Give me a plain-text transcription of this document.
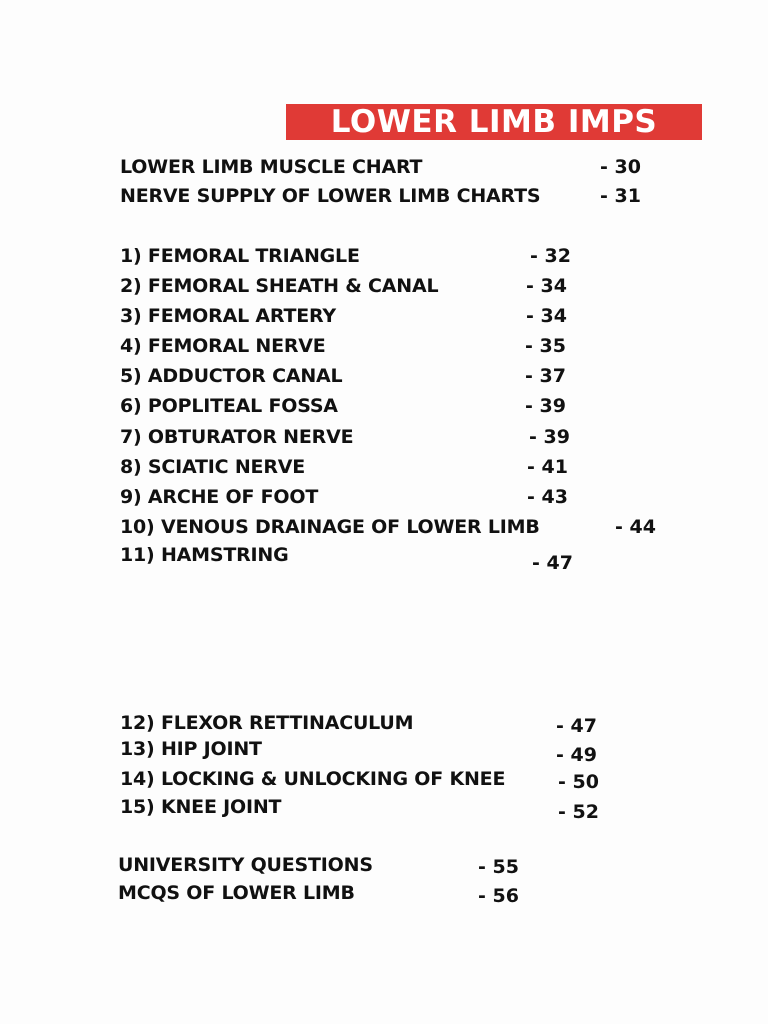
LOWER LIMB IMPS
LOWER LIMB MUSCLE CHART	- 30
NERVE SUPPLY OF LOWER LIMB CHARTS	- 31
1) FEMORAL TRIANGLE	- 32
2) FEMORAL SHEATH & CANAL	- 34
3) FEMORAL ARTERY	- 34
4) FEMORAL NERVE	- 35
5) ADDUCTOR CANAL	- 37
6) POPLITEAL FOSSA	- 39
7) OBTURATOR NERVE	- 39
8) SCIATIC NERVE	- 41
9) ARCHE OF FOOT	- 43
10) VENOUS DRAINAGE OF LOWER LIMB	- 44
11) HAMSTRING	- 47
12) FLEXOR RETTINACULUM	- 47
13) HIP JOINT	- 49
14) LOCKING & UNLOCKING OF KNEE	- 50
15) KNEE JOINT	- 52
UNIVERSITY QUESTIONS	- 55
MCQS OF LOWER LIMB	- 56
